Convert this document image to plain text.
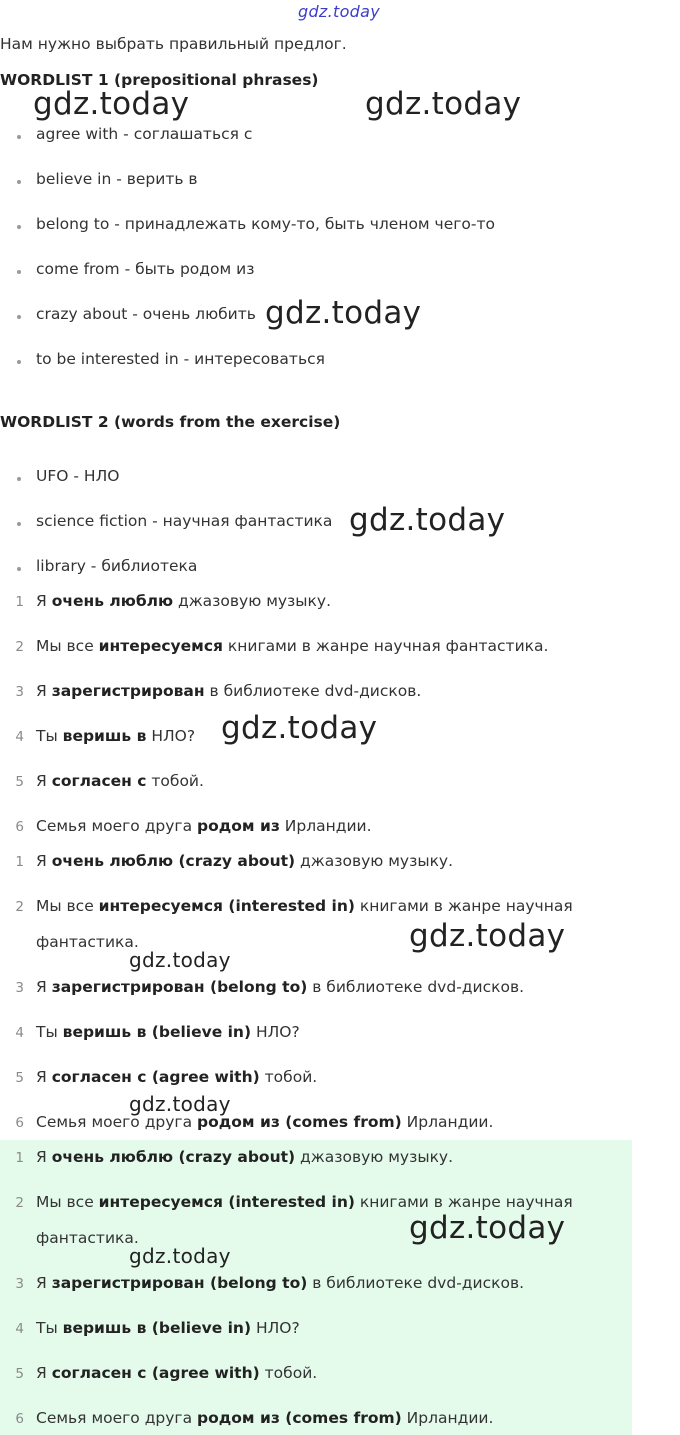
gdz.today
Нам нужно выбрать правильный предлог.
WORDLIST 1 (prepositional phrases)
agree with - соглашаться с
believe in - верить в
belong to - принадлежать кому-то, быть членом чего-то
come from - быть родом из
crazy about - очень любить
to be interested in - интересоваться
WORDLIST 2 (words from the exercise)
UFO - НЛО
science fiction - научная фантастика
library - библиотека
1 Я очень люблю джазовую музыку.
2 Мы все интересуемся книгами в жанре научная фантастика.
3 Я зарегистрирован в библиотеке dvd-дисков.
4 Ты веришь в НЛО?
5 Я согласен с тобой.
6 Семья моего друга родом из Ирландии.
1 Я очень люблю (crazy about) джазовую музыку.
2 Мы все интересуемся (interested in) книгами в жанре научная
фантастика.
3 Я зарегистрирован (belong to) в библиотеке dvd-дисков.
4 Ты веришь в (believe in) НЛО?
5 Я согласен с (agree with) тобой.
6 Семья моего друга родом из (comes from) Ирландии.
1 Я очень люблю (crazy about) джазовую музыку.
2 Мы все интересуемся (interested in) книгами в жанре научная
фантастика.
3 Я зарегистрирован (belong to) в библиотеке dvd-дисков.
4 Ты веришь в (believe in) НЛО?
5 Я согласен с (agree with) тобой.
6 Семья моего друга родом из (comes from) Ирландии.
gdz.today	gdz.today
gdz.today
gdz.today
gdz.today
gdz.today
gdz.today
gdz.today
gdz.today
gdz.today
